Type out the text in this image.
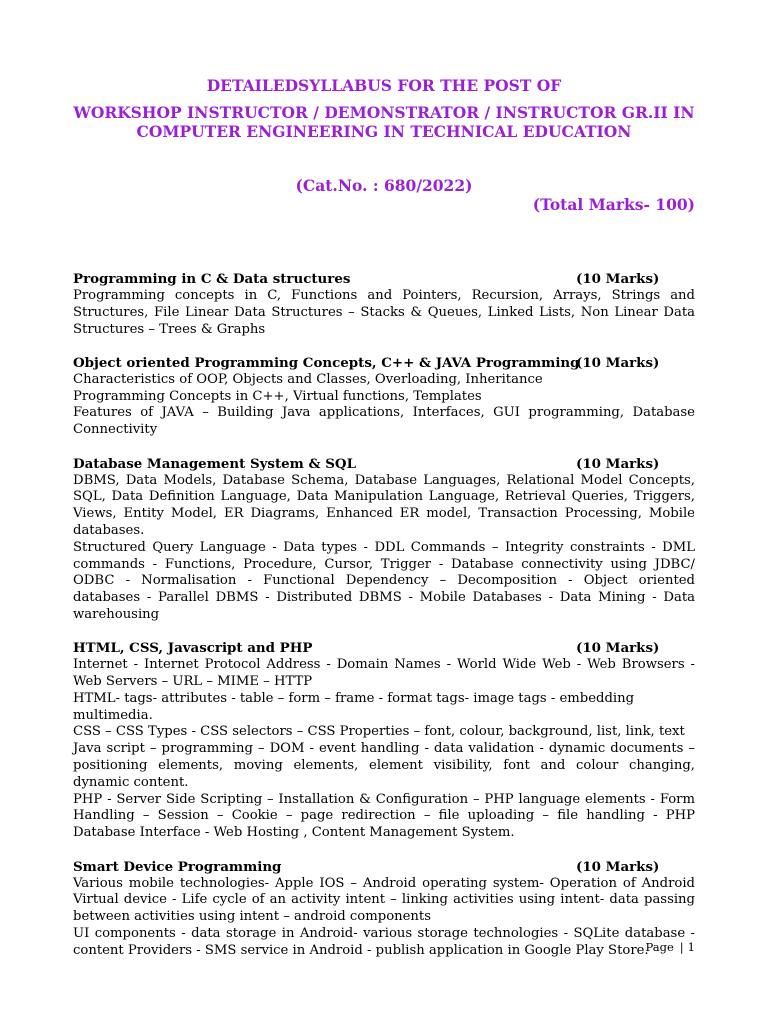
DETAILEDSYLLABUS FOR THE POST OF

WORKSHOP INSTRUCTOR / DEMONSTRATOR / INSTRUCTOR GR.II IN

COMPUTER ENGINEERING IN TECHNICAL EDUCATION

(Cat.No. : 680/2022)
(Total Marks- 100)
Programming in C & Data structures	(10 Marks)

Programming concepts in C, Functions and Pointers, Recursion, Arrays, Strings and Structures, File Linear Data Structures – Stacks & Queues, Linked Lists, Non Linear Data Structures – Trees & Graphs

Object oriented Programming Concepts, C++ & JAVA Programming
(10 Marks)

Characteristics of OOP, Objects and Classes, Overloading, Inheritance

Programming Concepts in C++, Virtual functions, Templates

Features of JAVA – Building Java applications, Interfaces, GUI programming, Database Connectivity

Database Management System & SQL	(10 Marks)

DBMS, Data Models, Database Schema, Database Languages, Relational Model Concepts, SQL, Data Definition Language, Data Manipulation Language, Retrieval Queries, Triggers, Views, Entity Model, ER Diagrams, Enhanced ER model, Transaction Processing, Mobile databases.

Structured Query Language - Data types - DDL Commands – Integrity constraints - DML commands - Functions, Procedure, Cursor, Trigger - Database connectivity using JDBC/ ODBC - Normalisation - Functional Dependency – Decomposition - Object oriented databases - Parallel DBMS - Distributed DBMS - Mobile Databases - Data Mining - Data warehousing

HTML, CSS, Javascript and PHP	(10 Marks)

Internet - Internet Protocol Address - Domain Names - World Wide Web - Web Browsers - Web Servers – URL – MIME – HTTP

HTML- tags- attributes - table – form – frame - format tags- image tags - embedding multimedia.

CSS – CSS Types - CSS selectors – CSS Properties – font, colour, background, list, link, text

Java script – programming – DOM - event handling - data validation - dynamic documents – positioning elements, moving elements, element visibility, font and colour changing, dynamic content.

PHP - Server Side Scripting – Installation & Configuration – PHP language elements - Form Handling – Session – Cookie – page redirection – file uploading – file handling - PHP Database Interface - Web Hosting , Content Management System.

Smart Device Programming	(10 Marks)

Various mobile technologies- Apple IOS – Android operating system- Operation of Android Virtual device - Life cycle of an activity intent – linking activities using intent- data passing between activities using intent – android components

UI components - data storage in Android- various storage technologies - SQLite database - content Providers - SMS service in Android - publish application in Google Play Store.

Page | 1
